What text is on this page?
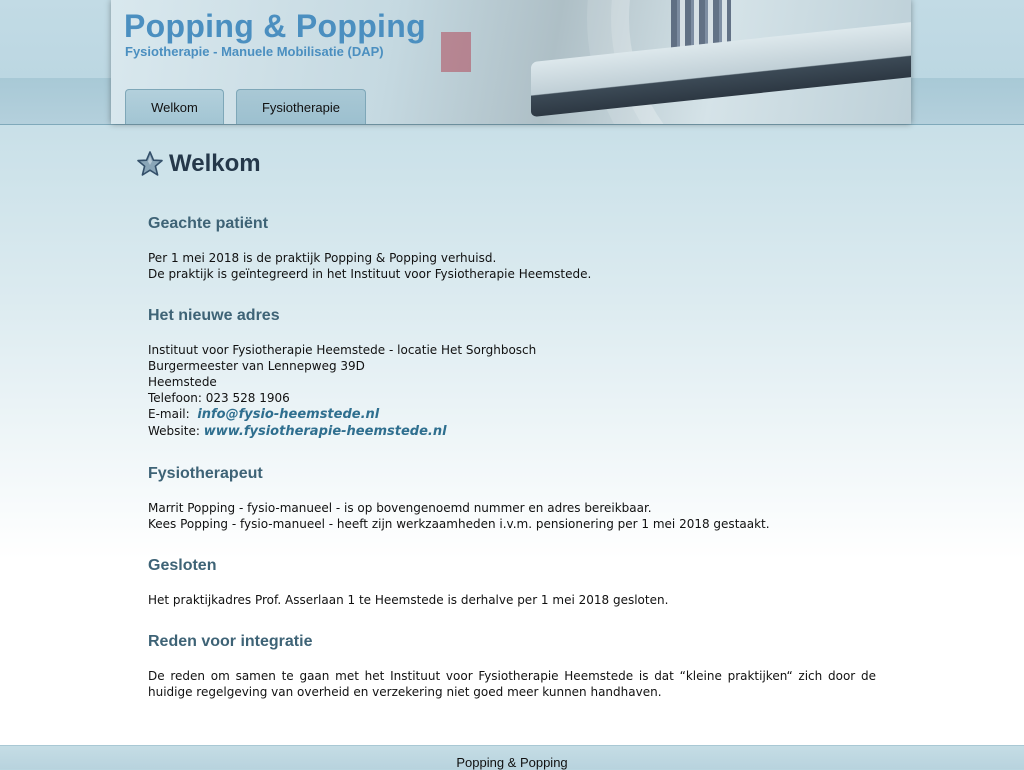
Popping & Popping

Fysiotherapie - Manuele Mobilisatie (DAP)

Welkom	Fysiotherapie
Welkom
Geachte patiënt

Per 1 mei 2018 is de praktijk Popping & Popping verhuisd.

De praktijk is geïntegreerd in het Instituut voor Fysiotherapie Heemstede.

Het nieuwe adres

Instituut voor Fysiotherapie Heemstede - locatie Het Sorghbosch

Burgermeester van Lennepweg 39D

Heemstede

Telefoon: 023 528 1906

E-mail: info@fysio-heemstede.nl

Website: www.fysiotherapie-heemstede.nl

Fysiotherapeut

Marrit Popping - fysio-manueel - is op bovengenoemd nummer en adres bereikbaar.

Kees Popping - fysio-manueel - heeft zijn werkzaamheden i.v.m. pensionering per 1 mei 2018 gestaakt.

Gesloten

Het praktijkadres Prof. Asserlaan 1 te Heemstede is derhalve per 1 mei 2018 gesloten.

Reden voor integratie

De reden om samen te gaan met het Instituut voor Fysiotherapie Heemstede is dat “kleine praktijken“ zich door de huidige regelgeving van overheid en verzekering niet goed meer kunnen handhaven.

Popping & Popping
